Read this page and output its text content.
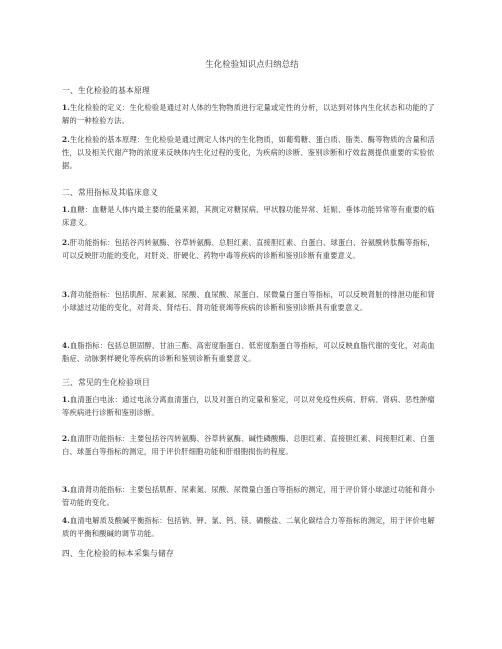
生化检验知识点归纳总结
一、生化检验的基本原理
1.生化检验的定义：生化检验是通过对人体的生物物质进行定量或定性的分析，以达到对体内生化状态和功能的了解的一种检验方法。
2.生化检验的基本原理：生化检验是通过测定人体内的生化物质，如葡萄糖、蛋白质、脂类、酶等物质的含量和活性，以及相关代谢产物的浓度来反映体内生化过程的变化，为疾病的诊断、鉴别诊断和疗效监测提供重要的实验依据。
二、常用指标及其临床意义
1.血糖：血糖是人体内最主要的能量来源，其测定对糖尿病、甲状腺功能异常、妊娠、垂体功能异常等有重要的临床意义。
2.肝功能指标：包括谷丙转氨酶、谷草转氨酶、总胆红素、直接胆红素、白蛋白、球蛋白、谷氨酰转肽酶等指标，可以反映肝功能的变化，对肝炎、肝硬化、药物中毒等疾病的诊断和鉴别诊断有重要意义。
3.肾功能指标：包括肌酐、尿素氮、尿酸、血尿酸、尿蛋白、尿微量白蛋白等指标，可以反映肾脏的排泄功能和肾小球滤过功能的变化，对肾炎、肾结石、肾功能衰竭等疾病的诊断和鉴别诊断具有重要意义。
4.血脂指标：包括总胆固醇、甘油三酯、高密度脂蛋白、低密度脂蛋白等指标，可以反映血脂代谢的变化，对高血脂症、动脉粥样硬化等疾病的诊断和鉴别诊断有重要意义。
三、常见的生化检验项目
1.血清蛋白电泳：通过电泳分离血清蛋白，以及对蛋白的定量和鉴定，可以对免疫性疾病、肝病、肾病、恶性肿瘤等疾病进行诊断和鉴别诊断。
2.血清肝功能指标：主要包括谷丙转氨酶、谷草转氨酶、碱性磷酸酶、总胆红素、直接胆红素、间接胆红素、白蛋白、球蛋白等指标的测定，用于评价肝细胞功能和肝细胞损伤的程度。
3.血清肾功能指标：主要包括肌酐、尿素氮、尿酸、尿微量白蛋白等指标的测定，用于评价肾小球滤过功能和肾小管功能的变化。
4.血清电解质及酸碱平衡指标：包括钠、钾、氯、钙、镁、磷酸盐、二氧化碳结合力等指标的测定，用于评价电解质的平衡和酸碱的调节功能。
四、生化检验的标本采集与储存
